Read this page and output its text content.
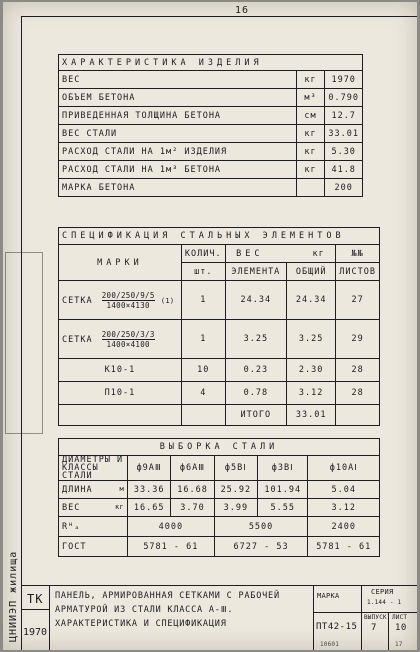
16
ЦНИИЭП жилища
ХАРАКТЕРИСТИКА ИЗДЕЛИЯ		
ВЕС	кг	1970
ОБЪЕМ БЕТОНА	м³	0.790
ПРИВЕДЕННАЯ ТОЛЩИНА БЕТОНА	см	12.7
ВЕС СТАЛИ	кг	33.01
РАСХОД СТАЛИ НА 1м² ИЗДЕЛИЯ	кг	5.30
РАСХОД СТАЛИ НА 1м³ БЕТОНА	кг	41.8
МАРКА БЕТОНА		200
СПЕЦИФИКАЦИЯ СТАЛЬНЫХ ЭЛЕМЕНТОВ				
МАРКИ	КОЛИЧ.	ВЕС кг		№№
	шт.	ЭЛЕМЕНТА	ОБЩИЙ	ЛИСТОВ
СЕТКА $\frac{200/250/9/5}{1400\times 4130} (1)$	1	24.34	24.34	27
СЕТКА $\frac{200/250/3/3}{1400\times 4100}$	1	3.25	3.25	29
К10-1	10	0.23	2.30	28
П10-1	4	0.78	3.12	28
		ИТОГО	33.01	
ВЫБОРКА СТАЛИ					
ДИАМЕТРЫ И КЛАССЫ СТАЛИ	ф9АⅢ	ф6АⅢ	ф5ВⅠ	ф3ВⅠ	ф10АⅠ
ДЛИНА м	33.36	16.68	25.92	101.94	5.04
ВЕС кг	16.65	3.70	3.99	5.55	3.12
Rᴴₐ	4000		5500		2400
ГОСТ	5781 - 61		6727 - 53		5781 - 61
ТК
1970
ПАНЕЛЬ, АРМИРОВАННАЯ СЕТКАМИ С РАБОЧЕЙ
АРМАТУРОЙ ИЗ СТАЛИ КЛАССА А-Ⅲ.
ХАРАКТЕРИСТИКА И СПЕЦИФИКАЦИЯ
МАРКА
ПТ42-15
СЕРИЯ
1.144 - 1
ВЫПУСК
7
ЛИСТ
10
10601	17
